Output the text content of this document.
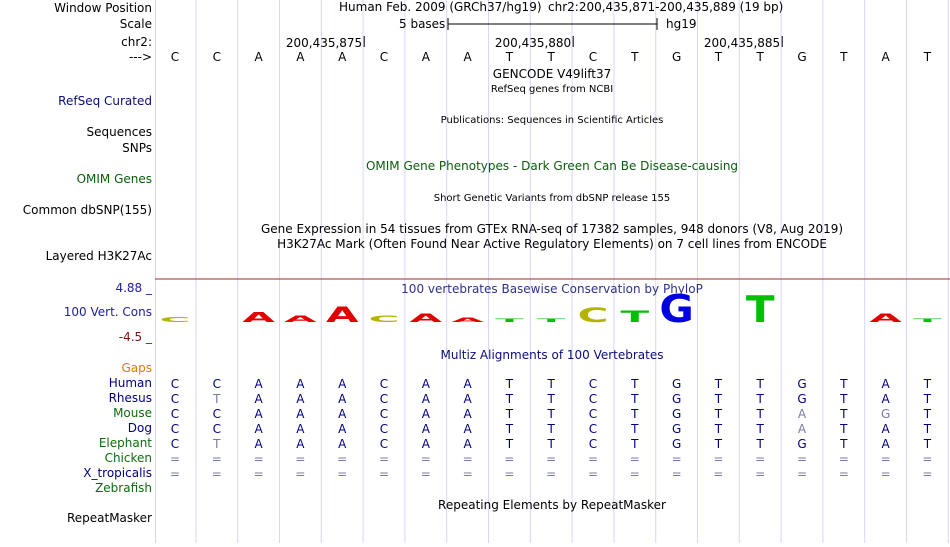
Window Position
Scale
chr2:
--->
RefSeq Curated
Sequences
SNPs
OMIM Genes
Common dbSNP(155)
Layered H3K27Ac
4.88 _
100 Vert. Cons
-4.5 _
Gaps
Human
Rhesus
Mouse
Dog
Elephant
Chicken
X_tropicalis
Zebrafish
RepeatMasker
Human Feb. 2009 (GRCh37/hg19) chr2:200,435,871-200,435,889 (19 bp)
5 bases	hg19
200,435,875	200,435,880	200,435,885
C	C	A	A	A	C	A	A	T	T	C	T	G	T	T	G	T	A	T
GENCODE V49lift37
RefSeq genes from NCBI
Publications: Sequences in Scientific Articles
OMIM Gene Phenotypes - Dark Green Can Be Disease-causing
Short Genetic Variants from dbSNP release 155
Gene Expression in 54 tissues from GTEx RNA-seq of 17382 samples, 948 donors (V8, Aug 2019)
H3K27Ac Mark (Often Found Near Active Regulatory Elements) on 7 cell lines from ENCODE
100 vertebrates Basewise Conservation by PhyloP
C	A A A C A A T T C T G	T	A T
Multiz Alignments of 100 Vertebrates
C	C	A	A	A	C	A	A	T	T	C	T	G	T	T	G	T	A	T
C	T	A	A	A	C	A	A	T	T	C	T	G	T	T	G	T	A	T
C	C	A	A	A	C	A	A	T	T	C	T	G	T	T	A	T	G	T
C	C	A	A	A	C	A	A	T	T	C	T	G	T	T	A	T	A	T
C	T	A	A	A	C	A	A	T	T	C	T	G	T	T	G	T	A	T
=	=	=	=	=	=	=	=	=	=	=	=	=	=	=	=	=	=	=
=	=	=	=	=	=	=	=	=	=	=	=	=	=	=	=	=	=	=
Repeating Elements by RepeatMasker
